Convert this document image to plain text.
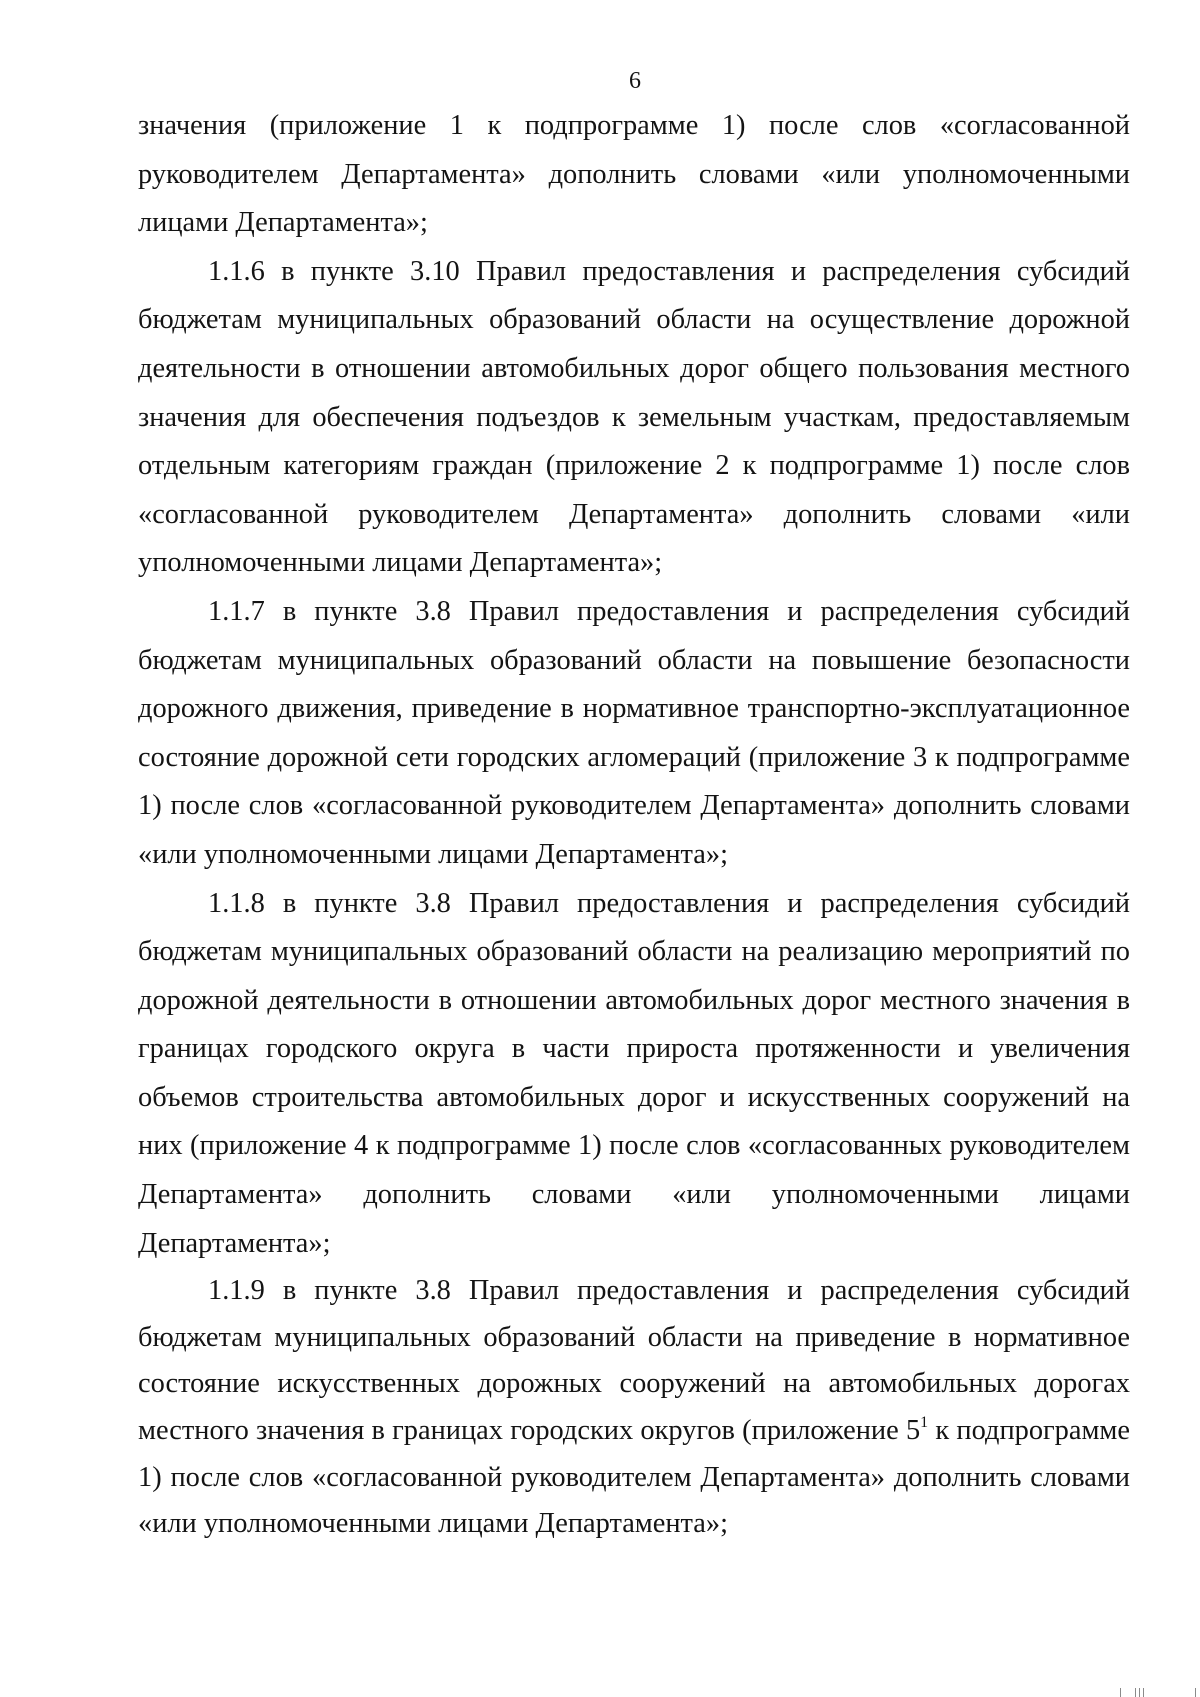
6

значения (приложение 1 к подпрограмме 1) после слов «согласованной руководителем Департамента» дополнить словами «или уполномоченными лицами Департамента»;

1.1.6 в пункте 3.10 Правил предоставления и распределения субсидий бюджетам муниципальных образований области на осуществление дорожной деятельности в отношении автомобильных дорог общего пользования местного значения для обеспечения подъездов к земельным участкам, предоставляемым отдельным категориям граждан (приложение 2 к подпрограмме 1) после слов «согласованной руководителем Департамента» дополнить словами «или уполномоченными лицами Департамента»;

1.1.7 в пункте 3.8 Правил предоставления и распределения субсидий бюджетам муниципальных образований области на повышение безопасности дорожного движения, приведение в нормативное транспортно-эксплуатационное состояние дорожной сети городских агломераций (приложение 3 к подпрограмме 1) после слов «согласованной руководителем Департамента» дополнить словами «или уполномоченными лицами Департамента»;

1.1.8 в пункте 3.8 Правил предоставления и распределения субсидий бюджетам муниципальных образований области на реализацию мероприятий по дорожной деятельности в отношении автомобильных дорог местного значения в границах городского округа в части прироста протяженности и увеличения объемов строительства автомобильных дорог и искусственных сооружений на них (приложение 4 к подпрограмме 1) после слов «согласованных руководителем Департамента» дополнить словами «или уполномоченными лицами Департамента»;

1.1.9 в пункте 3.8 Правил предоставления и распределения субсидий бюджетам муниципальных образований области на приведение в нормативное состояние искусственных дорожных сооружений на автомобильных дорогах местного значения в границах городских округов (приложение $5^1$ к подпрограмме 1) после слов «согласованной руководителем Департамента» дополнить словами «или уполномоченными лицами Департамента»;
